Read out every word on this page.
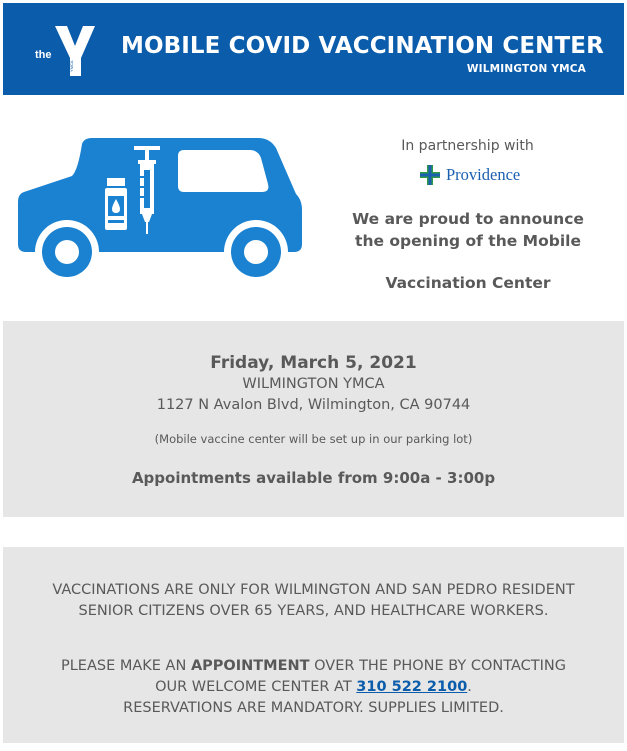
the
YMCA
MOBILE COVID VACCINATION CENTER
WILMINGTON YMCA
In partnership with
Providence
We are proud to announce
the opening of the Mobile
Vaccination Center
Friday, March 5, 2021
WILMINGTON YMCA
1127 N Avalon Blvd, Wilmington, CA 90744
(Mobile vaccine center will be set up in our parking lot)
Appointments available from 9:00a - 3:00p
VACCINATIONS ARE ONLY FOR WILMINGTON AND SAN PEDRO RESIDENT
SENIOR CITIZENS OVER 65 YEARS, AND HEALTHCARE WORKERS.
PLEASE MAKE AN APPOINTMENT OVER THE PHONE BY CONTACTING
OUR WELCOME CENTER AT 310 522 2100.
RESERVATIONS ARE MANDATORY. SUPPLIES LIMITED.
